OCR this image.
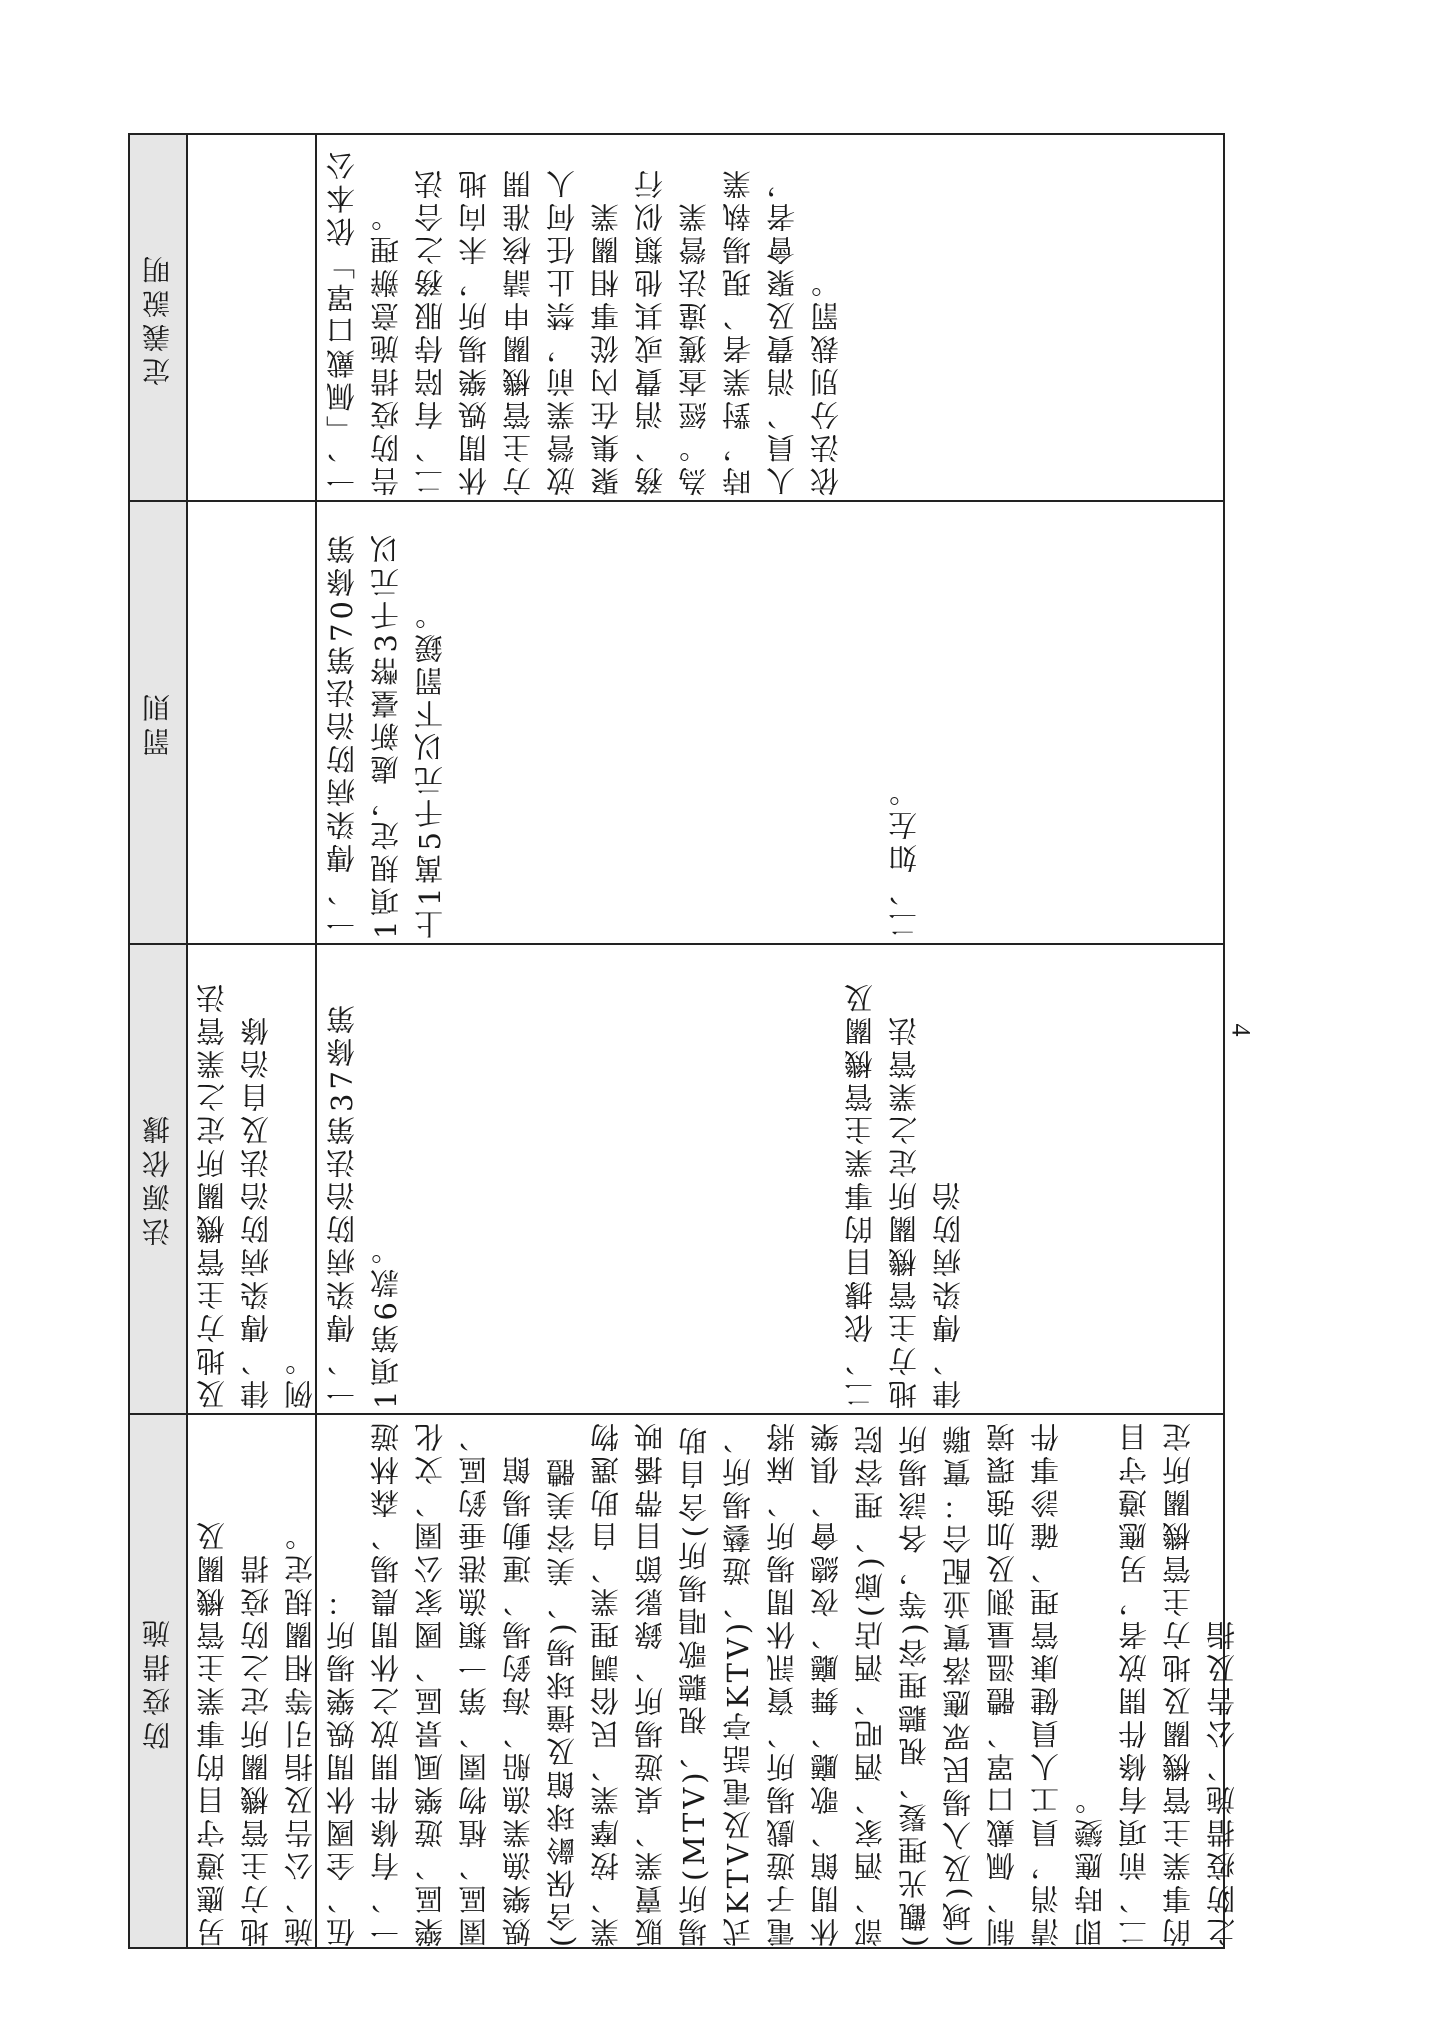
防疫措施
法源依據
罰則
定義說明

另應遵守目的事業主管機關及 地方主管機關所定之防疫措 施、公告及指引等相關規定。

及地方主管機關所定之業管法律、傳染病防治法及自治條例。

伍、全國休閒娛樂場所： 一、有條件開放之休閒農場、森林遊樂區、遊樂風景區、國家公園、文化園區、植物園、第一類漁港垂釣區、娛樂漁業漁船、海釣場、運動場館(含保齡球館及撞球場)、美容美體業、按摩業、民俗調理業、自助選物販賣業、桌遊場所、錄影節目帶播映場所(MTV)、視聽歌唱場所(含自助式KTV及電話亭KTV)、遊藝場所、電子遊戲場所、資訊休閒場所、麻將休閒館、歌廳、舞廳、夜總會、俱樂部、酒家、酒吧、酒店(廊)、理容院(觀光理髮、視聽理容)等，各該場所(域)及入場民眾應落實並配合：實聯制、佩戴口罩、體溫量測及加強環境清消，員工人員健康管理、確診事件即時應變。 二、前項有條件開放者，另應遵守目的事業主管機關及地方主管機關所定之防疫措施、公告及指

一、傳染病防治法第37條第1項第6款。	二、依據目的事業主管機關及地方主管機關所定之業管法律、傳染病防治

一、傳染病防治法第70條第1項規定，處新臺幣3千元以上1萬5千元以下罰鍰。	二、如左。

一、「佩戴口罩」依本公告防疫措施意辦理。 二、有陪侍服務之合法休閒娛樂場所，未向地方主管機關申請核准開放營業前，禁止任何人聚集在內從事相關業務、消費或其他類似行為。經查獲違法營業時，對業者、現場執業人員、消費及聚會者，依法分別裁罰。

4
